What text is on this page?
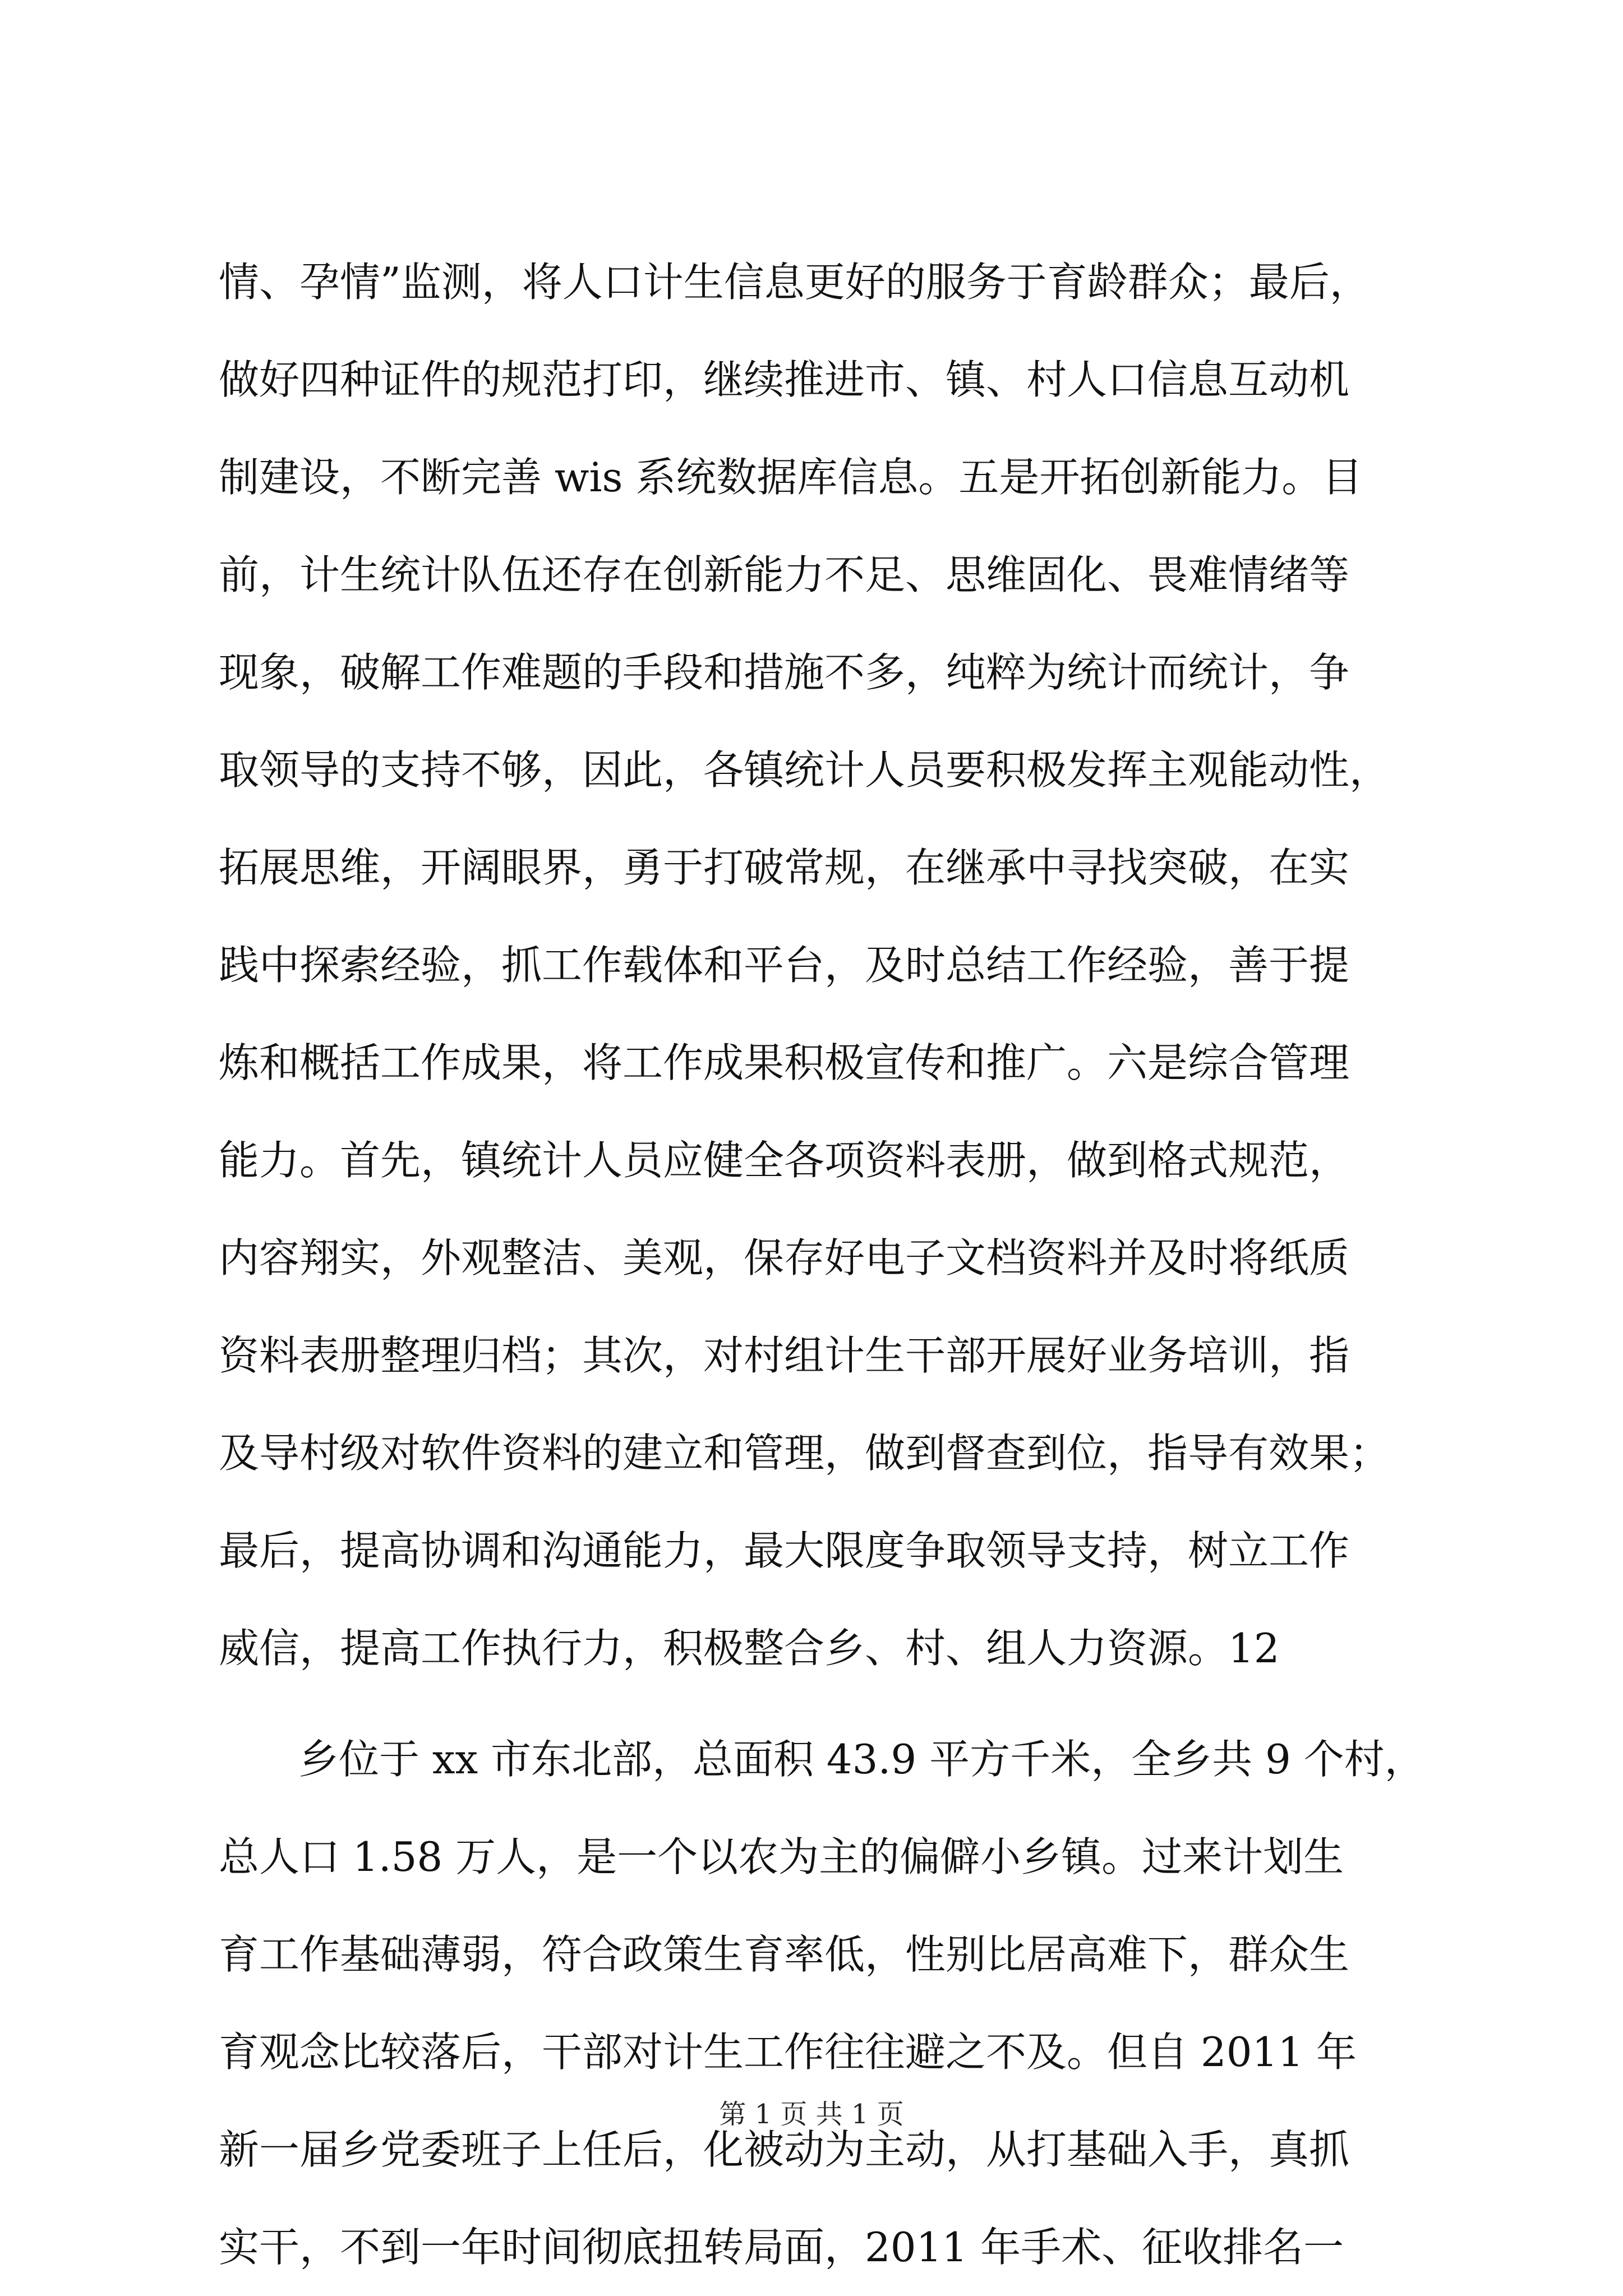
情、孕情”监测，将人口计生信息更好的服务于育龄群众；最后，
做好四种证件的规范打印，继续推进市、镇、村人口信息互动机
制建设，不断完善 wis 系统数据库信息。五是开拓创新能力。目
前，计生统计队伍还存在创新能力不足、思维固化、畏难情绪等
现象，破解工作难题的手段和措施不多，纯粹为统计而统计，争
取领导的支持不够，因此，各镇统计人员要积极发挥主观能动性，
拓展思维，开阔眼界，勇于打破常规，在继承中寻找突破，在实
践中探索经验，抓工作载体和平台，及时总结工作经验，善于提
炼和概括工作成果，将工作成果积极宣传和推广。六是综合管理
能力。首先，镇统计人员应健全各项资料表册，做到格式规范，
内容翔实，外观整洁、美观，保存好电子文档资料并及时将纸质
资料表册整理归档；其次，对村组计生干部开展好业务培训，指
及导村级对软件资料的建立和管理，做到督查到位，指导有效果；
最后，提高协调和沟通能力，最大限度争取领导支持，树立工作
威信，提高工作执行力，积极整合乡、村、组人力资源。12
乡位于 xx 市东北部，总面积 43.9 平方千米，全乡共 9 个村，
总人口 1.58 万人，是一个以农为主的偏僻小乡镇。过来计划生
育工作基础薄弱，符合政策生育率低，性别比居高难下，群众生
育观念比较落后，干部对计生工作往往避之不及。但自 2011 年
新一届乡党委班子上任后，化被动为主动，从打基础入手，真抓
实干，不到一年时间彻底扭转局面，2011 年手术、征收排名一
第 1 页 共 1 页
